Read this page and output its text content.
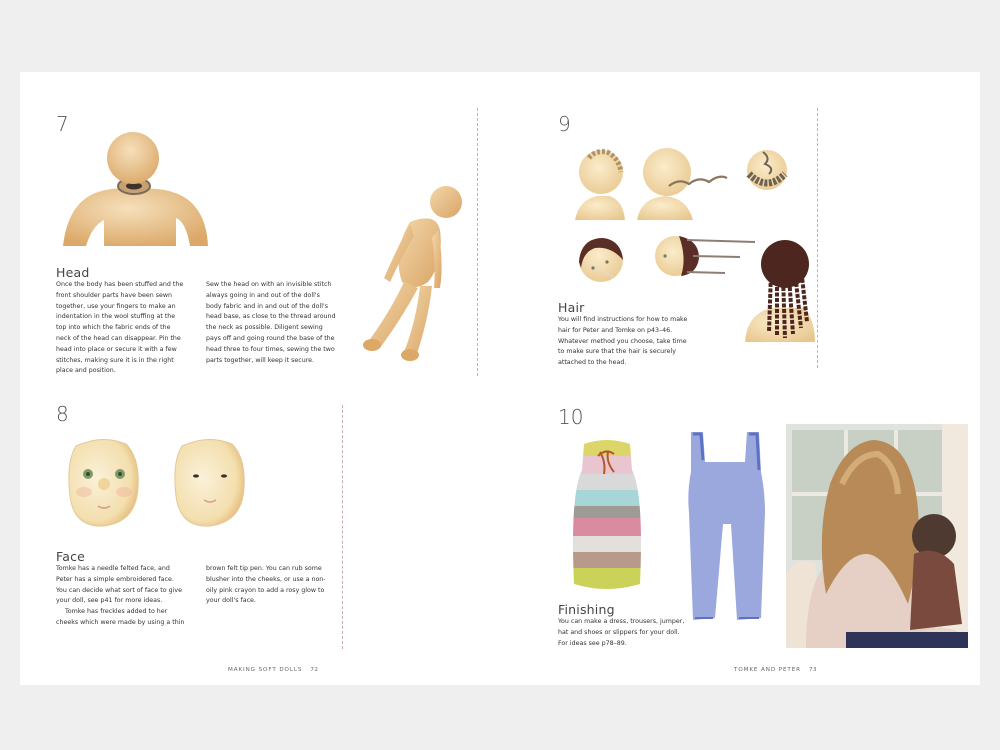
7
Head

Once the body has been stuffed and the front shoulder parts have been sewn together, use your fingers to make an indentation in the wool stuffing at the top into which the fabric ends of the neck of the head can disappear. Pin the head into place or secure it with a few stitches, making sure it is in the right place and position.

Sew the head on with an invisible stitch always going in and out of the doll's body fabric and in and out of the doll's head base, as close to the thread around the neck as possible. Diligent sewing pays off and going round the base of the head three to four times, sewing the two parts together, will keep it secure.

8
Face

Tomke has a needle felted face, and Peter has a simple embroidered face. You can decide what sort of face to give your doll, see p41 for more ideas.

Tomke has freckles added to her cheeks which were made by using a thin

brown felt tip pen. You can rub some blusher into the cheeks, or use a non-oily pink crayon to add a rosy glow to your doll's face.

MAKING SOFT DOLLS 72
9
Hair

You will find instructions for how to make hair for Peter and Tomke on p43–46. Whatever method you choose, take time to make sure that the hair is securely attached to the head.

10
Finishing

You can make a dress, trousers, jumper, hat and shoes or slippers for your doll. For ideas see p78–89.

TOMKE AND PETER 73
